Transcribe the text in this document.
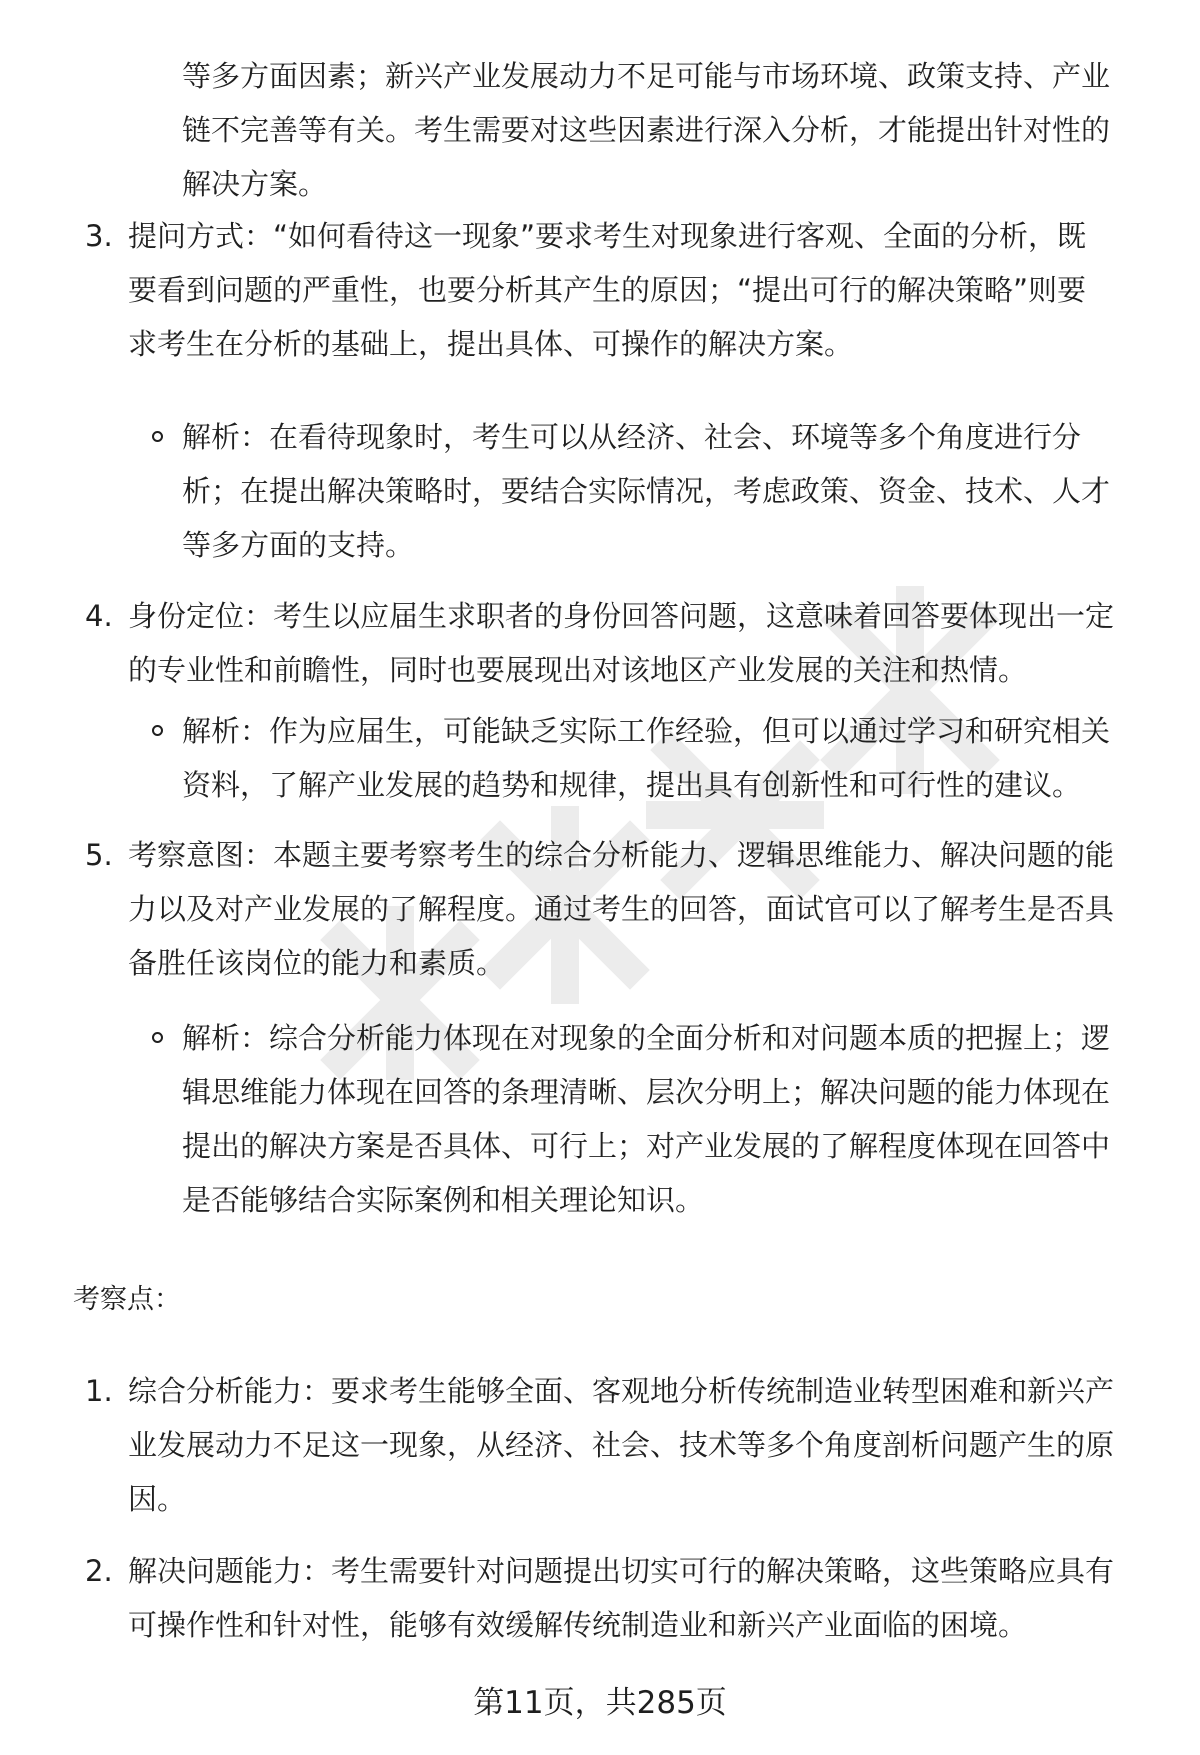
等多方面因素；新兴产业发展动力不足可能与市场环境、政策支持、产业
链不完善等有关。考生需要对这些因素进行深入分析，才能提出针对性的
解决方案。
3. 提问方式：“如何看待这一现象”要求考生对现象进行客观、全面的分析，既
要看到问题的严重性，也要分析其产生的原因；“提出可行的解决策略”则要
求考生在分析的基础上，提出具体、可操作的解决方案。
解析：在看待现象时，考生可以从经济、社会、环境等多个角度进行分
析；在提出解决策略时，要结合实际情况，考虑政策、资金、技术、人才
等多方面的支持。
4. 身份定位：考生以应届生求职者的身份回答问题，这意味着回答要体现出一定
的专业性和前瞻性，同时也要展现出对该地区产业发展的关注和热情。
解析：作为应届生，可能缺乏实际工作经验，但可以通过学习和研究相关
资料，了解产业发展的趋势和规律，提出具有创新性和可行性的建议。
5. 考察意图：本题主要考察考生的综合分析能力、逻辑思维能力、解决问题的能
力以及对产业发展的了解程度。通过考生的回答，面试官可以了解考生是否具
备胜任该岗位的能力和素质。
解析：综合分析能力体现在对现象的全面分析和对问题本质的把握上；逻
辑思维能力体现在回答的条理清晰、层次分明上；解决问题的能力体现在
提出的解决方案是否具体、可行上；对产业发展的了解程度体现在回答中
是否能够结合实际案例和相关理论知识。
考察点：
1. 综合分析能力：要求考生能够全面、客观地分析传统制造业转型困难和新兴产
业发展动力不足这一现象，从经济、社会、技术等多个角度剖析问题产生的原
因。
2. 解决问题能力：考生需要针对问题提出切实可行的解决策略，这些策略应具有
可操作性和针对性，能够有效缓解传统制造业和新兴产业面临的困境。
第11页，共285页
